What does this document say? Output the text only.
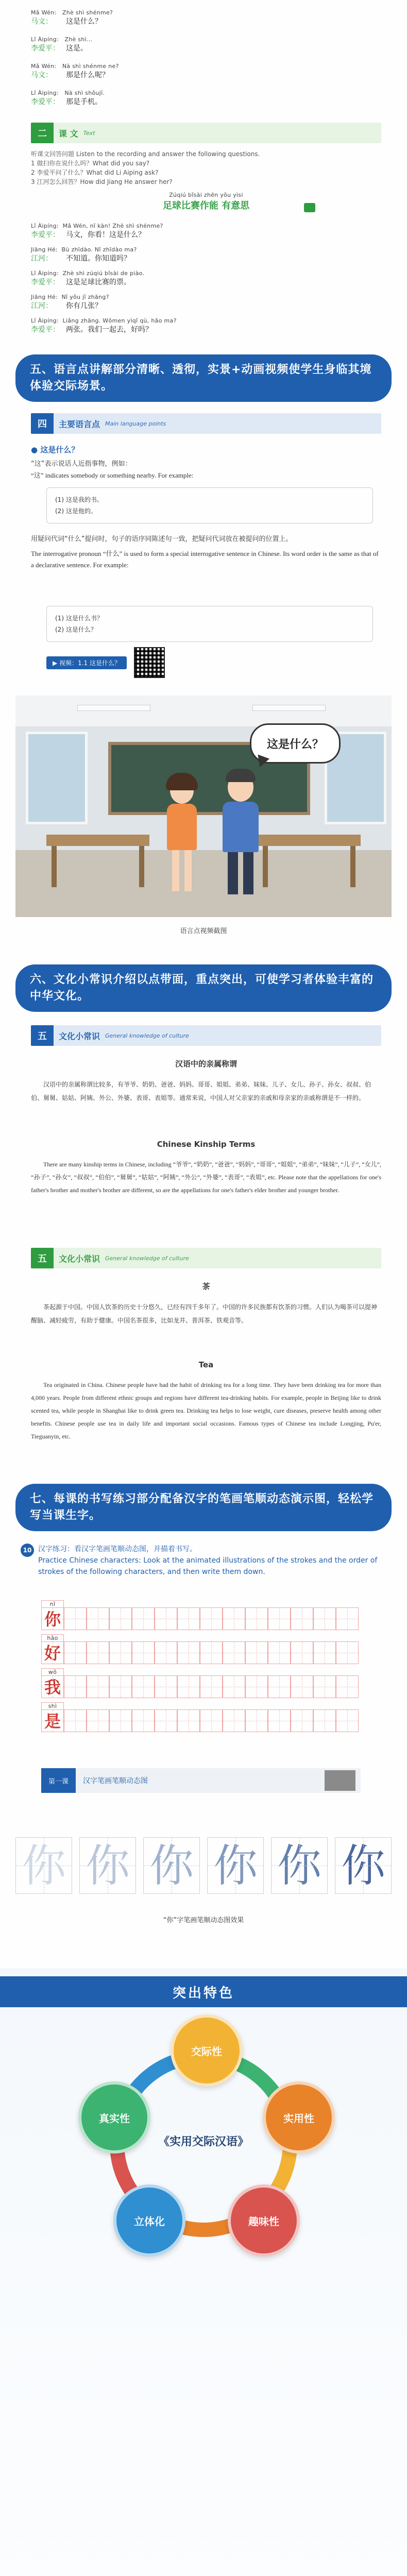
Mǎ Wén: Zhè shì shénme?
马文： 这是什么？
Lǐ Àipíng: Zhè shì...
李爱平： 这是。
Mǎ Wén: Nà shì shénme ne?
马文： 那是什么呢？
Lǐ Àipíng: Nà shì shǒujī.
李爱平： 那是手机。
二	课 文 Text
听课文回答问题 Listen to the recording and answer the following questions.
1 做扫你在说什么吗？What did you say?
2 李爱平问了什么？What did Li Aiping ask?
3 江河怎么回答？How did Jiang He answer her?
Zúqiú bǐsài zhēn yǒu yìsi
足球比赛作能 有意思
Lǐ Àipíng: Mǎ Wén, nǐ kàn! Zhè shì shénme?
李爱平： 马文，你看！这是什么？
Jiāng Hé: Bù zhīdào. Nǐ zhīdào ma?
江河： 不知道。你知道吗？
Lǐ Àipíng: Zhè shì zúqiú bǐsài de piào.
李爱平： 这是足球比赛的票。
Jiāng Hé: Nǐ yǒu jǐ zhāng?
江河： 你有几张？
Lǐ Àipíng: Liǎng zhāng. Wǒmen yìqǐ qù, hǎo ma?
李爱平： 两张。我们一起去，好吗？
五、语言点讲解部分清晰、透彻，实景+动画视频使学生身临其境体验交际场景。
四	主要语言点 Main language points
● 这是什么？
“这”表示说话人近指事物，例如：
“这” indicates somebody or something nearby. For example:
(1) 这是我的书。
(2) 这是他的。
用疑问代词“什么”提问时，句子的语序同陈述句一致，把疑问代词放在被提问的位置上。
The interrogative pronoun “什么” is used to form a special interrogative sentence in Chinese. Its word order is the same as that of a declarative sentence. For example:
(1) 这是什么书？
(2) 这是什么？
▶ 视频：1.1 这是什么？
这是什么？
语言点视频截图
六、文化小常识介绍以点带面，重点突出，可使学习者体验丰富的中华文化。
五	文化小常识 General knowledge of culture
汉语中的亲属称谓
汉语中的亲属称谓比较多，有爷爷、奶奶、爸爸、妈妈、哥哥、姐姐、弟弟、妹妹、儿子、女儿、孙子、孙女、叔叔、伯伯、舅舅、姑姑、阿姨、外公、外婆、表哥、表姐等。通常来说，中国人对父亲家的亲戚和母亲家的亲戚称谓是不一样的。
Chinese Kinship Terms
There are many kinship terms in Chinese, including “爷爷”, “奶奶”, “爸爸”, “妈妈”, “哥哥”, “姐姐”, “弟弟”, “妹妹”, “儿子”, “女儿”, “孙子”, “孙女”, “叔叔”, “伯伯”, “舅舅”, “姑姑”, “阿姨”, “外公”, “外婆”, “表哥”, “表姐”, etc. Please note that the appellations for one's father's brother and mother's brother are different, so are the appellations for one's father's elder brother and younger brother.
五	文化小常识 General knowledge of culture
茶
茶起源于中国。中国人饮茶的历史十分悠久，已经有四千多年了。中国的许多民族都有饮茶的习惯。人们认为喝茶可以提神醒脑、减轻疲劳，有助于健康。中国名茶很多，比如龙井、普洱茶、铁观音等。
Tea
Tea originated in China. Chinese people have had the habit of drinking tea for a long time. They have been drinking tea for more than 4,000 years. People from different ethnic groups and regions have different tea-drinking habits. For example, people in Beijing like to drink scented tea, while people in Shanghai like to drink green tea. Drinking tea helps to lose weight, cure diseases, preserve health among other benefits. Chinese people use tea in daily life and important social occasions. Famous types of Chinese tea include Longjing, Pu'er, Tieguanyin, etc.
七、每课的书写练习部分配备汉字的笔画笔顺动态演示图，轻松学写当课生字。
10 汉字练习：看汉字笔画笔顺动态图，并描着书写。
Practice Chinese characters: Look at the animated illustrations of the strokes and the order of strokes of the following characters, and then write them down.
nǐ
你
hǎo
好
wǒ
我
shì
是
第一课	汉字笔画笔顺动态图
你 你 你 你 你 你
“你”字笔画笔顺动态图效果
突出特色
《实用交际汉语》
交际性
实用性
趣味性
立体化
真实性
